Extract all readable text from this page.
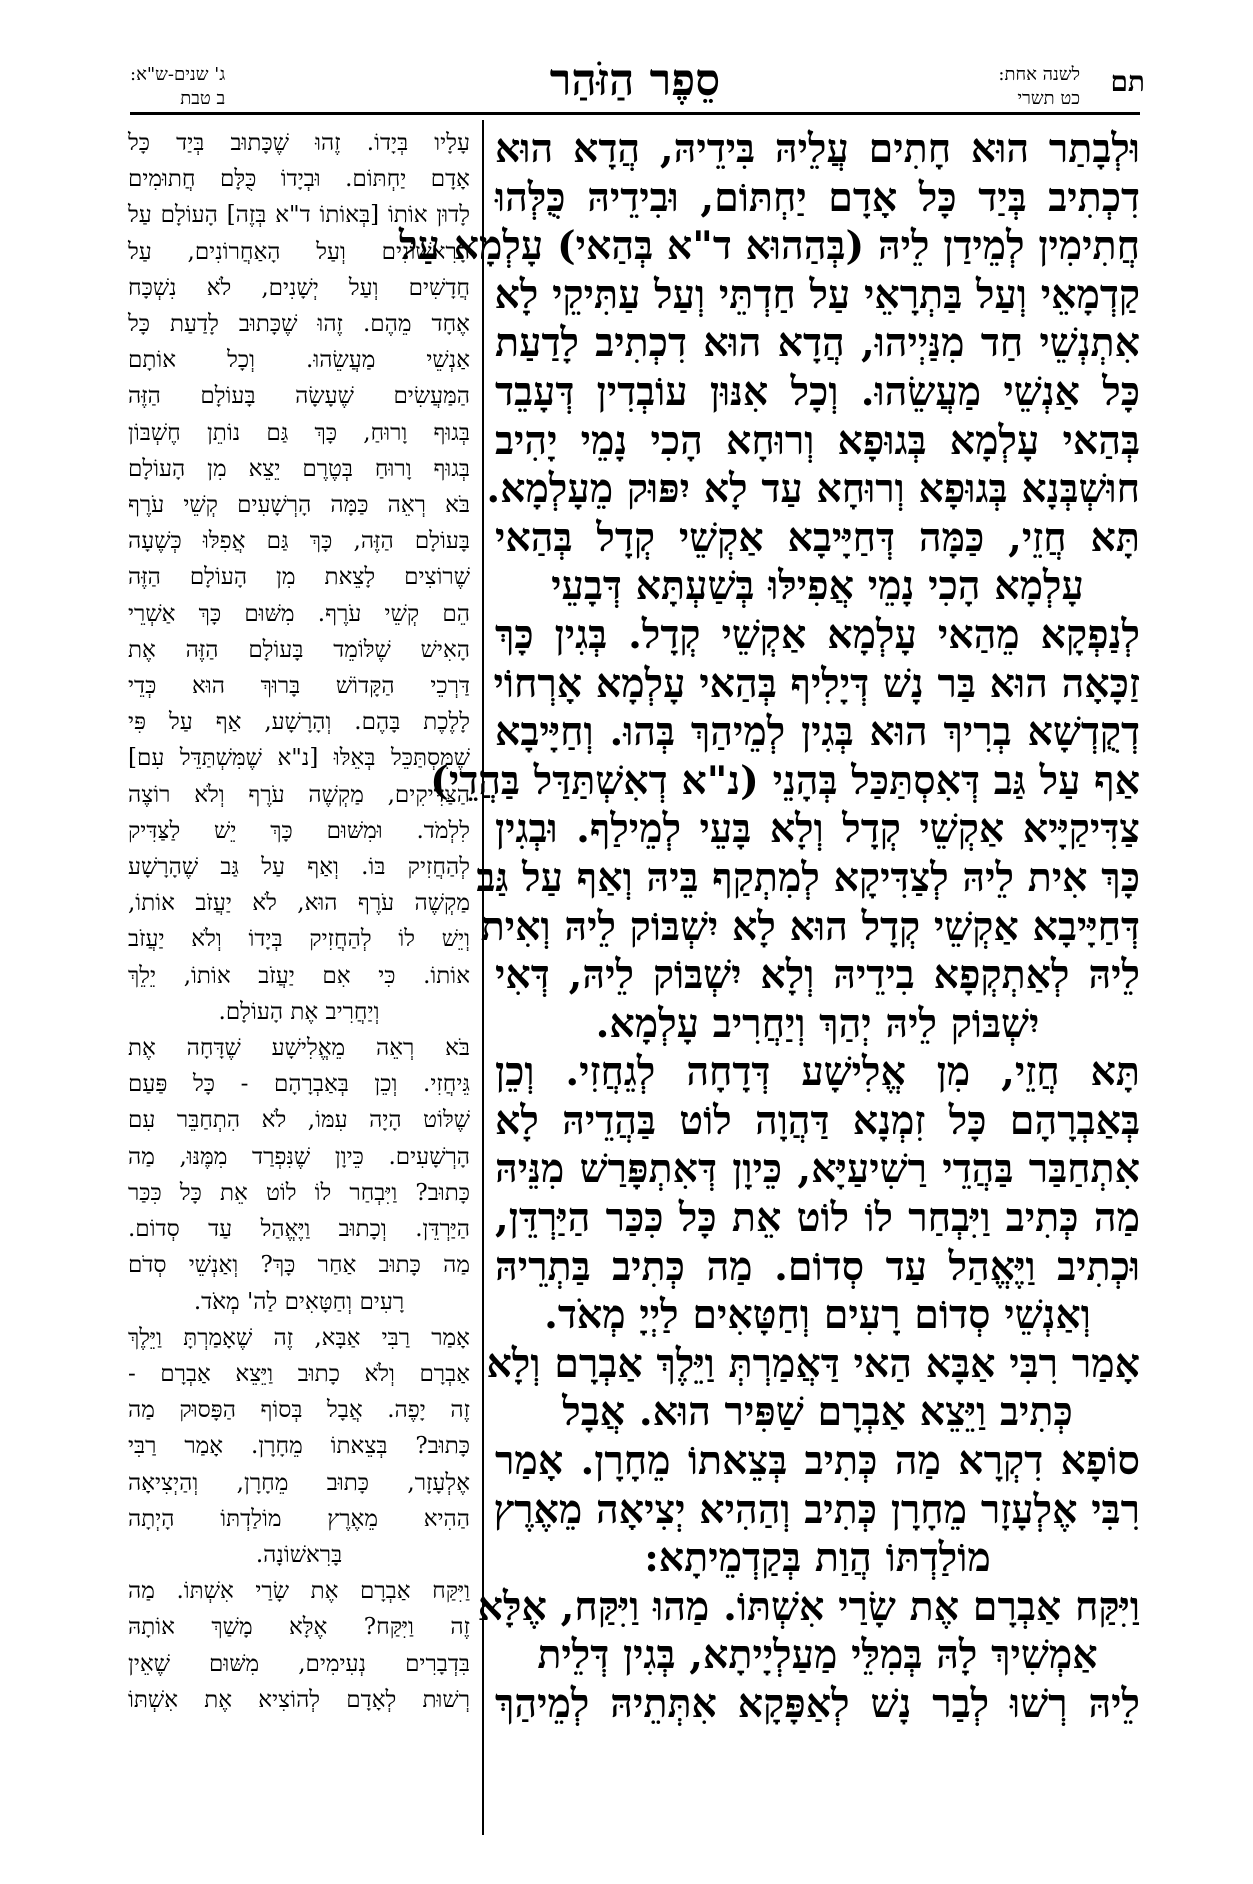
תם
לשנה אחת:
כט תשרי
סֵפֶר הַזֹּהַר
ג' שנים-ש"א:
ב טבת
וּלְבָתַר הוּא חָתִים עֲלֵיהּ בִּידֵיהּ, הֲדָא הוּא
דִכְתִיב בְּיַד כָּל אָדָם יַחְתּוֹם, וּבִידֵיהּ כֻּלְּהוּ
חֲתִימִין לְמֵידַן לֵיהּ (בְּהַהוּא ד"א בְּהַאי) עָלְמָא עַל
קַדְמָאֵי וְעַל בַּתְרָאֵי עַל חַדְתֵּי וְעַל עַתִּיקֵי לָא
אִתְנְשֵׁי חַד מִנַּיְיהוּ, הֲדָא הוּא דִכְתִיב לָדַעַת
כָּל אַנְשֵׁי מַעֲשֵׂהוּ. וְכָל אִנּוּן עוֹבְדִין דְּעָבֵד
בְּהַאי עָלְמָא בְּגוּפָא וְרוּחָא הָכִי נָמֵי יָהִיב
חוּשְׁבְּנָא בְּגוּפָא וְרוּחָא עַד לָא יִפּוּק מֵעָלְמָא.
תָּא חֲזֵי, כַּמָּה דְּחַיָּיבָא אַקְשֵׁי קְדָל בְּהַאי
עָלְמָא הָכִי נָמֵי אֲפִילּוּ בְּשַׁעְתָּא דְּבָעֵי
לְנַפְקָא מֵהַאי עָלְמָא אַקְשֵׁי קְדָל. בְּגִין כָּךְ
זַכָּאָה הוּא בַּר נָשׁ דְּיָלִיף בְּהַאי עָלְמָא אָרְחוֹי
דְקֻדְשָׁא בְרִיךְ הוּא בְּגִין לְמֵיהַךְ בְּהוּ. וְחַיָּיבָא
אַף עַל גַּב דְּאִסְתַּכַּל בְּהָנֵי (נ"א דְאִשְׁתַּדַּל בַּהֲדֵי)
צַדִּיקַיָּיא אַקְשֵׁי קְדָל וְלָא בָּעֵי לְמֵילַף. וּבְגִין
כָּךְ אִית לֵיהּ לְצַדִּיקָא לְמִתְקַף בֵּיהּ וְאַף עַל גַּב
דְּחַיָּיבָא אַקְשֵׁי קְדָל הוּא לָא יִשְׁבּוֹק לֵיהּ וְאִית
לֵיהּ לְאַתְקְפָא בִידֵיהּ וְלָא יִשְׁבּוֹק לֵיהּ, דְּאִי
יִשְׁבּוֹק לֵיהּ יְהַךְ וְיַחֲרִיב עָלְמָא.
תָּא חֲזֵי, מִן אֱלִישָׁע דְּדָחָה לְגֵחֲזִי. וְכֵן
בְּאַבְרָהָם כָּל זִמְנָא דַּהֲוָה לוֹט בַּהֲדֵיהּ לָא
אִתְחַבַּר בַּהֲדֵי רַשִׁיעַיָּא, כֵּיוָן דְּאִתְפָּרַשׁ מִנֵּיהּ
מַה כְּתִיב וַיִּבְחַר לוֹ לוֹט אֵת כָּל כִּכַּר הַיַּרְדֵּן,
וּכְתִיב וַיֶּאֱהַל עַד סְדוֹם. מַה כְּתִיב בַּתְרֵיהּ
וְאַנְשֵׁי סְדוֹם רָעִים וְחַטָּאִים לַיְיָ מְאֹד.
אָמַר רִבִּי אַבָּא הַאי דַּאֲמַרְתְּ וַיֵּלֶךְ אַבְרָם וְלָא
כְּתִיב וַיֵּצֵא אַבְרָם שַׁפִּיר הוּא. אֲבָל
סוֹפָא דִקְרָא מַה כְּתִיב בְּצֵאתוֹ מֵחָרָן. אָמַר
רִבִּי אֶלְעָזָר מֵחָרָן כְּתִיב וְהַהִיא יְצִיאָה מֵאֶרֶץ
מוֹלַדְתּוֹ הֲוַת בְּקַדְמֵיתָא:
וַיִּקַּח אַבְרָם אֶת שָׂרַי אִשְׁתּוֹ. מַהוּ וַיִּקַּח, אֶלָּא
אַמְשִׁיךְ לָהּ בְּמִלֵּי מַעַלְיָיתָא, בְּגִין דְּלֵית
לֵיהּ רְשׁוּ לְבַר נָשׁ לְאַפָּקָא אִתְּתֵיהּ לְמֵיהַךְ
עָלָיו בְּיָדוֹ. זֶהוּ שֶׁכָּתוּב בְּיַד כָּל
אָדָם יַחְתּוֹם. וּבְיָדוֹ כֻּלָּם חֲתוּמִים
לָדוּן אוֹתוֹ [בְּאוֹתוֹ ד"א בְּזֶה] הָעוֹלָם עַל
הָרִאשׁוֹנִים וְעַל הָאַחֲרוֹנִים, עַל
חֲדָשִׁים וְעַל יְשָׁנִים, לֹא נִשְׁכָּח
אֶחָד מֵהֶם. זֶהוּ שֶׁכָּתוּב לָדַעַת כָּל
אַנְשֵׁי מַעֲשֵׂהוּ. וְכָל אוֹתָם
הַמַּעֲשִׂים שֶׁעָשָׂה בָּעוֹלָם הַזֶּה
בְּגוּף וָרוּחַ, כָּךְ גַּם נוֹתֵן חֶשְׁבּוֹן
בְּגוּף וָרוּחַ בְּטֶרֶם יֵצֵא מִן הָעוֹלָם
בֹּא רְאֵה כַּמָּה הָרְשָׁעִים קְשֵׁי עֹרֶף
בָּעוֹלָם הַזֶּה, כָּךְ גַּם אֲפִלּוּ כְּשֶׁעָה
שֶׁרוֹצִים לָצֵאת מִן הָעוֹלָם הַזֶּה
הֵם קְשֵׁי עֹרֶף. מִשּׁוּם כָּךְ אַשְׁרֵי
הָאִישׁ שֶׁלּוֹמֵד בָּעוֹלָם הַזֶּה אֶת
דַּרְכֵי הַקָּדוֹשׁ בָּרוּךְ הוּא כְּדֵי
לָלֶכֶת בָּהֶם. וְהָרָשָׁע, אַף עַל פִּי
שֶׁמִּסְתַּכֵּל בְּאֵלּוּ [נ"א שֶׁמִּשְׁתַּדֵּל עִם]
הַצַּדִּיקִים, מַקְשֶׁה עֹרֶף וְלֹא רוֹצֶה
לִלְמֹד. וּמִשּׁוּם כָּךְ יֵשׁ לַצַּדִּיק
לְהַחֲזִיק בּוֹ. וְאַף עַל גַּב שֶׁהָרָשָׁע
מַקְשֶׁה עֹרֶף הוּא, לֹא יַעֲזֹב אוֹתוֹ,
וְיֵשׁ לוֹ לְהַחֲזִיק בְּיָדוֹ וְלֹא יַעֲזֹב
אוֹתוֹ. כִּי אִם יַעֲזֹב אוֹתוֹ, יֵלֵךְ
וְיַחֲרִיב אֶת הָעוֹלָם.
בֹּא רְאֵה מֵאֱלִישָׁע שֶׁדָּחָה אֶת
גֵּיחֲזִי. וְכֵן בְּאַבְרָהָם - כָּל פַּעַם
שֶׁלּוֹט הָיָה עִמּוֹ, לֹא הִתְחַבֵּר עִם
הָרְשָׁעִים. כֵּיוָן שֶׁנִּפְרַד מִמֶּנּוּ, מַה
כָּתוּב? וַיִּבְחַר לוֹ לוֹט אֵת כָּל כִּכַּר
הַיַּרְדֵּן. וְכָתוּב וַיֶּאֱהַל עַד סְדוֹם.
מַה כָּתוּב אַחַר כָּךְ? וְאַנְשֵׁי סְדֹם
רָעִים וְחַטָּאִים לַה' מְאֹד.
אָמַר רַבִּי אַבָּא, זֶה שֶׁאָמַרְתָּ וַיֵּלֶךְ
אַבְרָם וְלֹא כָתוּב וַיֵּצֵא אַבְרָם -
זֶה יָפֶה. אֲבָל בְּסוֹף הַפָּסוּק מַה
כָּתוּב? בְּצֵאתוֹ מֵחָרָן. אָמַר רַבִּי
אֶלְעָזָר, כָּתוּב מֵחָרָן, וְהַיְצִיאָה
הַהִיא מֵאֶרֶץ מוֹלַדְתּוֹ הָיְתָה
בָּרִאשׁוֹנָה.
וַיִּקַּח אַבְרָם אֶת שָׂרַי אִשְׁתּוֹ. מַה
זֶה וַיִּקַּח? אֶלָּא מָשַׁךְ אוֹתָהּ
בִּדְבָרִים נְעִימִים, מִשּׁוּם שֶׁאֵין
רְשׁוּת לְאָדָם לְהוֹצִיא אֶת אִשְׁתּוֹ
